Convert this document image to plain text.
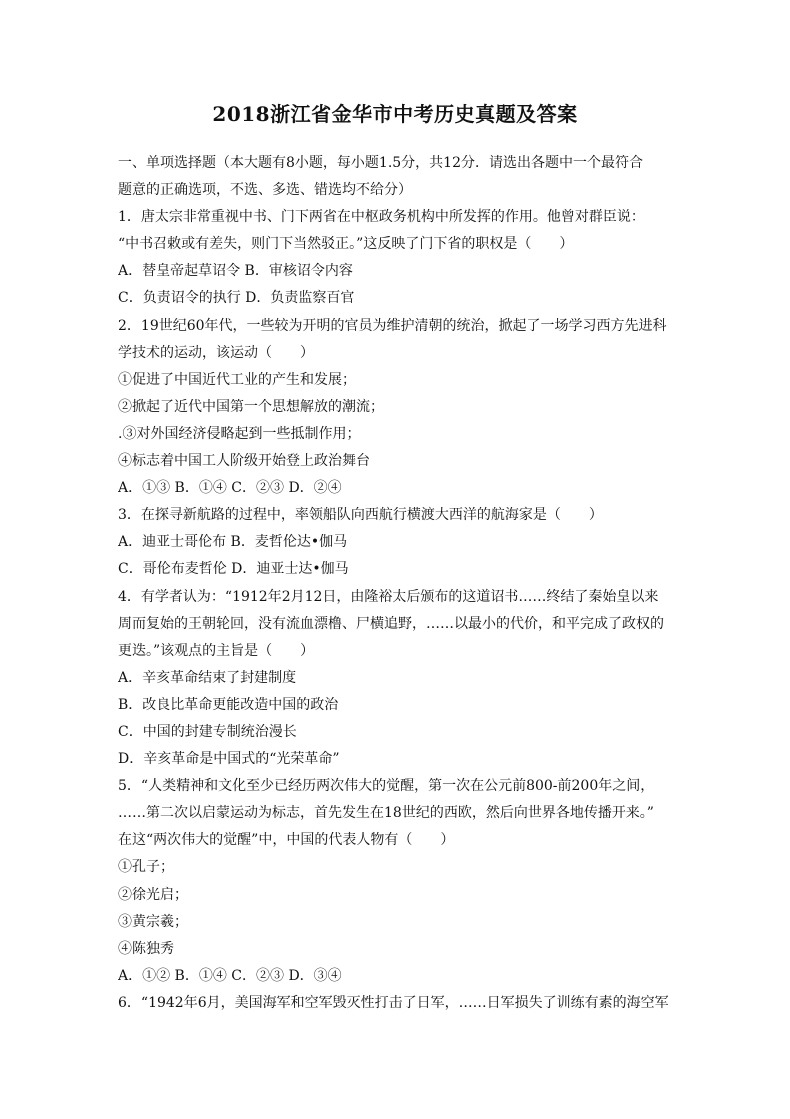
2018浙江省金华市中考历史真题及答案
一、单项选择题（本大题有8小题，每小题1.5分，共12分．请选出各题中一个最符合
题意的正确选项，不选、多选、错选均不给分）
1．唐太宗非常重视中书、门下两省在中枢政务机构中所发挥的作用。他曾对群臣说：
“中书召敕或有差失，则门下当然驳正。”这反映了门下省的职权是（　　）
A．替皇帝起草诏令 B．审核诏令内容
C．负责诏令的执行 D．负责监察百官
2．19世纪60年代，一些较为开明的官员为维护清朝的统治，掀起了一场学习西方先进科
学技术的运动，该运动（　　）
①促进了中国近代工业的产生和发展；
②掀起了近代中国第一个思想解放的潮流；
.③对外国经济侵略起到一些抵制作用；
④标志着中国工人阶级开始登上政治舞台
A．①③ B．①④ C．②③ D．②④
3．在探寻新航路的过程中，率领船队向西航行横渡大西洋的航海家是（　　）
A．迪亚士哥伦布 B．麦哲伦达•伽马
C．哥伦布麦哲伦 D．迪亚士达•伽马
4．有学者认为：“1912年2月12日，由隆裕太后颁布的这道诏书……终结了秦始皇以来
周而复始的王朝轮回，没有流血漂橹、尸横追野，……以最小的代价，和平完成了政权的
更迭。”该观点的主旨是（　　）
A．辛亥革命结束了封建制度
B．改良比革命更能改造中国的政治
C．中国的封建专制统治漫长
D．辛亥革命是中国式的“光荣革命”
5．“人类精神和文化至少已经历两次伟大的觉醒，第一次在公元前800-前200年之间，
……第二次以启蒙运动为标志，首先发生在18世纪的西欧，然后向世界各地传播开来。”
在这“两次伟大的觉醒”中，中国的代表人物有（　　）
①孔子；
②徐光启；
③黄宗羲；
④陈独秀
A．①② B．①④ C．②③ D．③④
6．“1942年6月，美国海军和空军毁灭性打击了日军，……日军损失了训练有素的海空军
